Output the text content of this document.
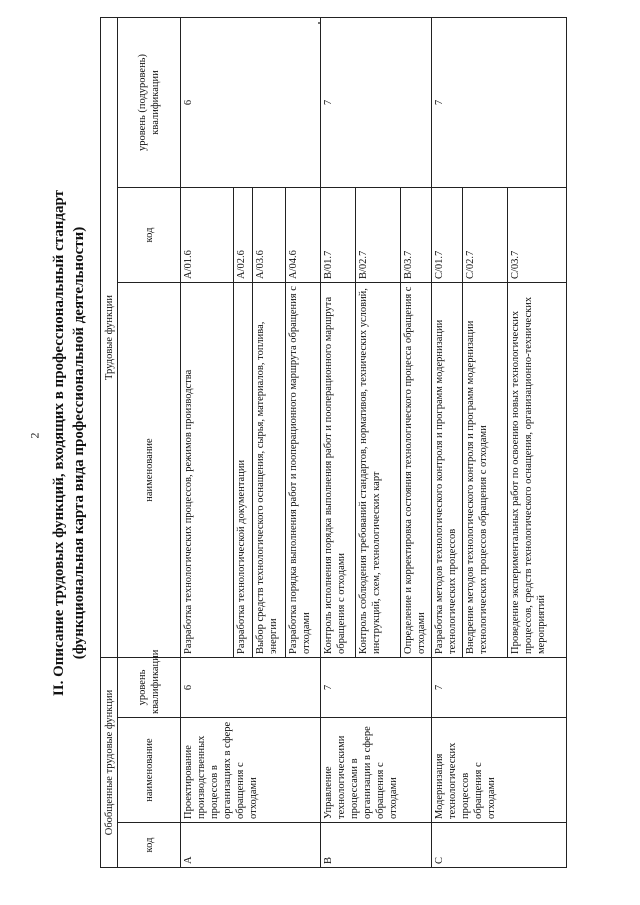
2 II. Описание трудовых функций, входящих в профессиональный стандарт (функциональная карта вида профессиональной деятельности)
Обобщенные трудовые функции			Трудовые функции		
код	наименование	уровень квалификации	наименование	код	уровень (подуровень) квалификации
A	Проектирование производственных процессов в организациях в сфере обращения с отходами	6	Разработка технологических процессов, режимов производства	А/01.6	6
			Разработка технологической документации	А/02.6	
			Выбор средств технологического оснащения, сырья, материалов, топлива, энергии	А/03.6	
			Разработка порядка выполнения работ и пооперационного маршрута обращения с отходами	А/04.6	
B	Управление технологическими процессами в организации в сфере обращения с отходами	7	Контроль исполнения порядка выполнения работ и пооперационного маршрута обращения с отходами	В/01.7	7
			Контроль соблюдения требований стандартов, нормативов, технических условий, инструкций, схем, технологических карт	В/02.7	
			Определение и корректировка состояния технологического процесса обращения с отходами	В/03.7	
C	Модернизация технологических процессов обращения с отходами	7	Разработка методов технологического контроля и программ модернизации технологических процессов	С/01.7	7
			Внедрение методов технологического контроля и программ модернизации технологических процессов обращения с отходами	С/02.7	
			Проведение экспериментальных работ по освоению новых технологических процессов, средств технологического оснащения, организационно-технических мероприятий	С/03.7	
